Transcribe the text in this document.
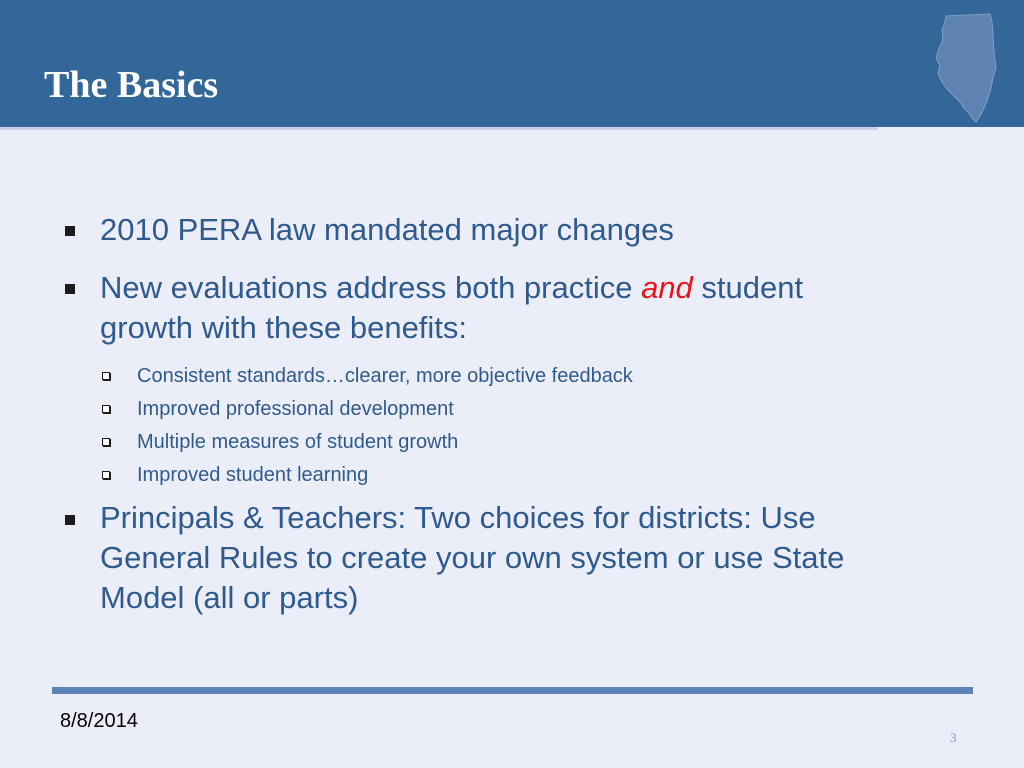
The Basics
2010 PERA law mandated major changes
New evaluations address both practice and student growth with these benefits:
Consistent standards…clearer, more objective feedback
Improved professional development
Multiple measures of student growth
Improved student learning
Principals & Teachers: Two choices for districts: Use General Rules to create your own system or use State Model (all or parts)
8/8/2014
3
